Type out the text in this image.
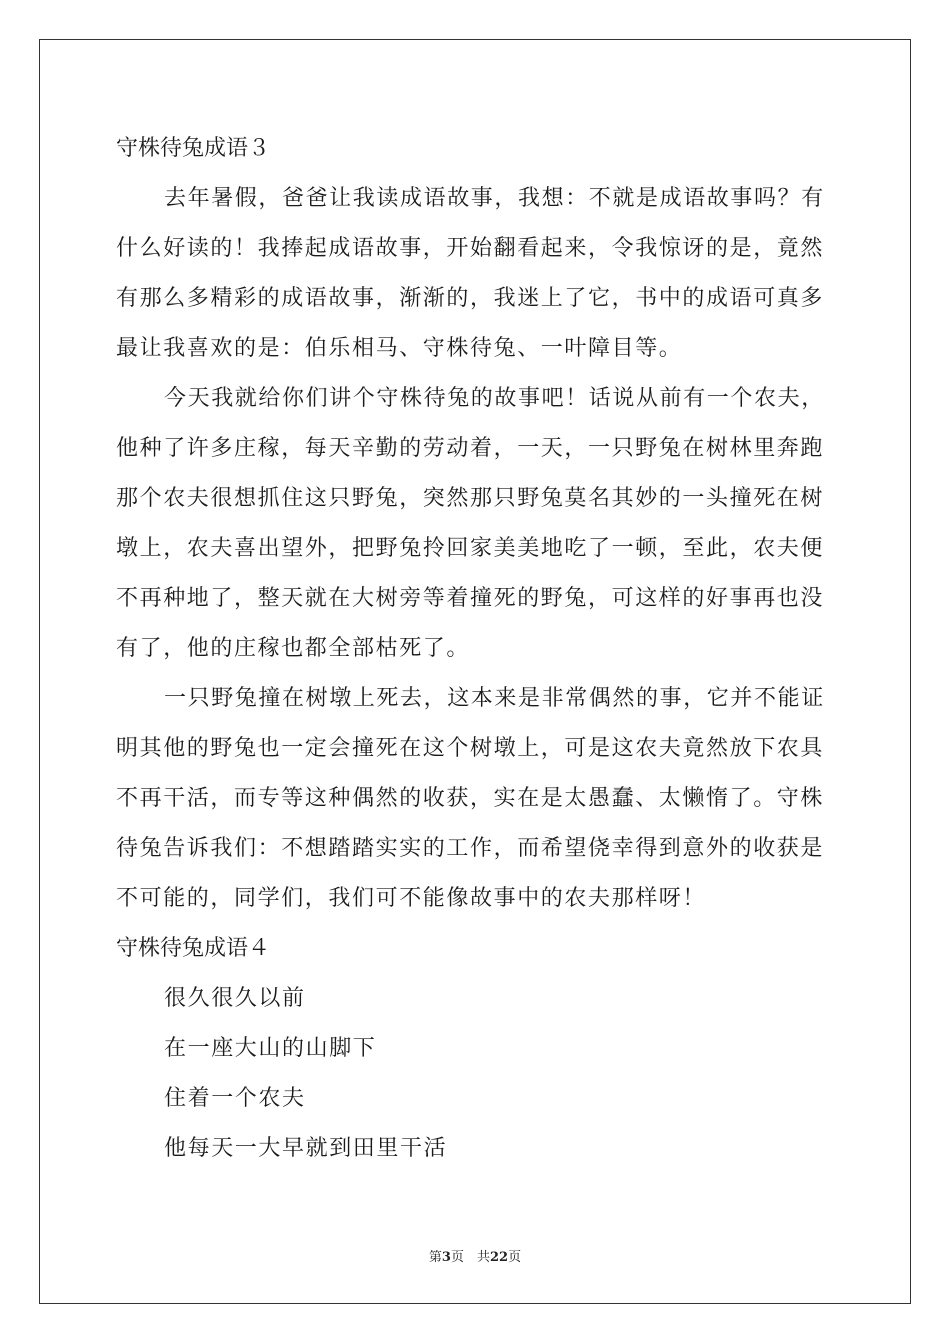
守株待兔成语３
去年暑假，爸爸让我读成语故事，我想：不就是成语故事吗？有
什么好读的！我捧起成语故事，开始翻看起来，令我惊讶的是，竟然
有那么多精彩的成语故事，渐渐的，我迷上了它，书中的成语可真多
最让我喜欢的是：伯乐相马、守株待兔、一叶障目等。
今天我就给你们讲个守株待兔的故事吧！话说从前有一个农夫，
他种了许多庄稼，每天辛勤的劳动着，一天，一只野兔在树林里奔跑
那个农夫很想抓住这只野兔，突然那只野兔莫名其妙的一头撞死在树
墩上，农夫喜出望外，把野兔拎回家美美地吃了一顿，至此，农夫便
不再种地了，整天就在大树旁等着撞死的野兔，可这样的好事再也没
有了，他的庄稼也都全部枯死了。
一只野兔撞在树墩上死去，这本来是非常偶然的事，它并不能证
明其他的野兔也一定会撞死在这个树墩上，可是这农夫竟然放下农具
不再干活，而专等这种偶然的收获，实在是太愚蠢、太懒惰了。守株
待兔告诉我们：不想踏踏实实的工作，而希望侥幸得到意外的收获是
不可能的，同学们，我们可不能像故事中的农夫那样呀！
守株待兔成语４
很久很久以前
在一座大山的山脚下
住着一个农夫
他每天一大早就到田里干活
第3页　共22页
